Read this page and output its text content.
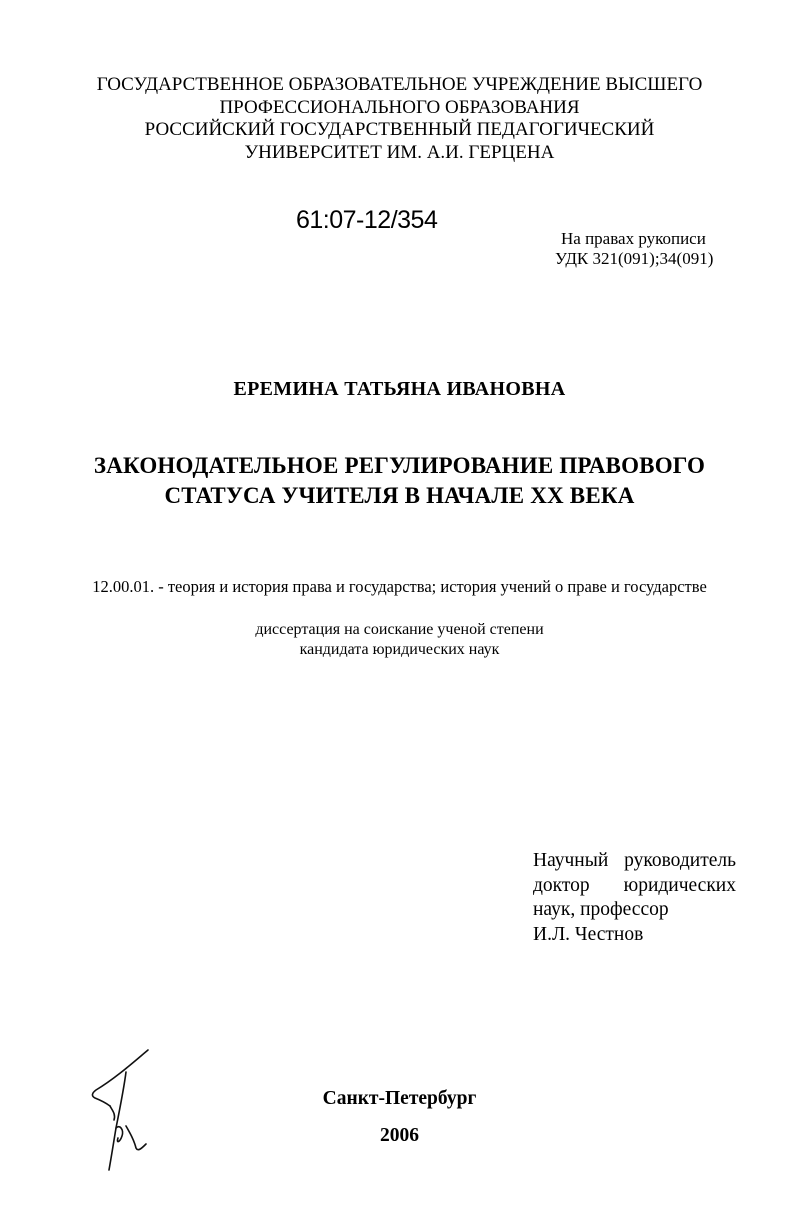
ГОСУДАРСТВЕННОЕ ОБРАЗОВАТЕЛЬНОЕ УЧРЕЖДЕНИЕ ВЫСШЕГО
ПРОФЕССИОНАЛЬНОГО ОБРАЗОВАНИЯ
РОССИЙСКИЙ ГОСУДАРСТВЕННЫЙ ПЕДАГОГИЧЕСКИЙ
УНИВЕРСИТЕТ ИМ. А.И. ГЕРЦЕНА
61:07-12/354
На правах рукописи
УДК 321(091);34(091)
ЕРЕМИНА ТАТЬЯНА ИВАНОВНА
ЗАКОНОДАТЕЛЬНОЕ РЕГУЛИРОВАНИЕ ПРАВОВОГО
СТАТУСА УЧИТЕЛЯ В НАЧАЛЕ XX ВЕКА
12.00.01. - теория и история права и государства; история учений о праве и государстве
диссертация на соискание ученой степени
кандидата юридических наук
Научный руководитель
доктор юридических
наук, профессор
И.Л. Честнов
Санкт-Петербург
2006
